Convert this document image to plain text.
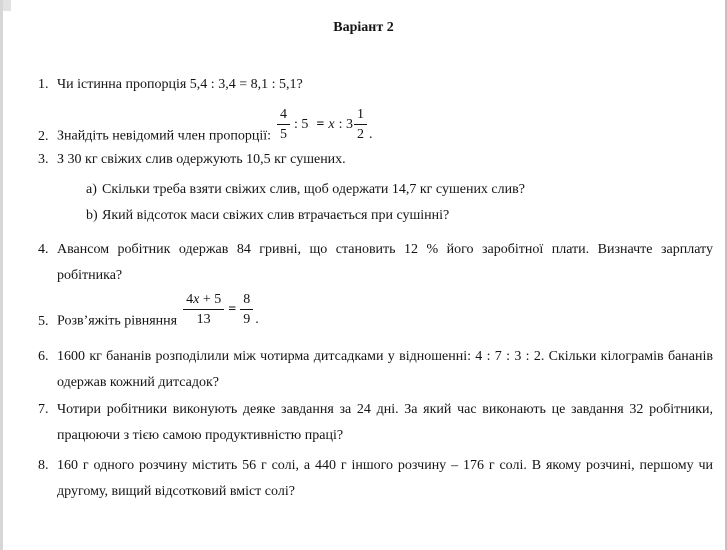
Варіант 2
1. Чи істинна пропорція 5,4 : 3,4 = 8,1 : 5,1?
2. Знайдіть невідомий член пропорції: $\frac{4}{5}$ : 5 = x : $3 \frac{1}{2}$ .
3. З 30 кг свіжих слив одержують 10,5 кг сушених.
a) Скільки треба взяти свіжих слив, щоб одержати 14,7 кг сушених слив?
b) Який відсоток маси свіжих слив втрачається при сушінні?
4. Авансом робітник одержав 84 гривні, що становить 12 % його заробітної плати. Визначте зарплату робітника?
5. Розв’яжіть рівняння $\frac{4x + 5}{13} = \frac{8}{9}$ .
6. 1600 кг бананів розподілили між чотирма дитсадками у відношенні: 4 : 7 : 3 : 2. Скільки кілограмів бананів одержав кожний дитсадок?
7. Чотири робітники виконують деяке завдання за 24 дні. За який час виконають це завдання 32 робітники, працюючи з тією самою продуктивністю праці?
8. 160 г одного розчину містить 56 г солі, а 440 г іншого розчину – 176 г солі. В якому розчині, першому чи другому, вищий відсотковий вміст солі?
